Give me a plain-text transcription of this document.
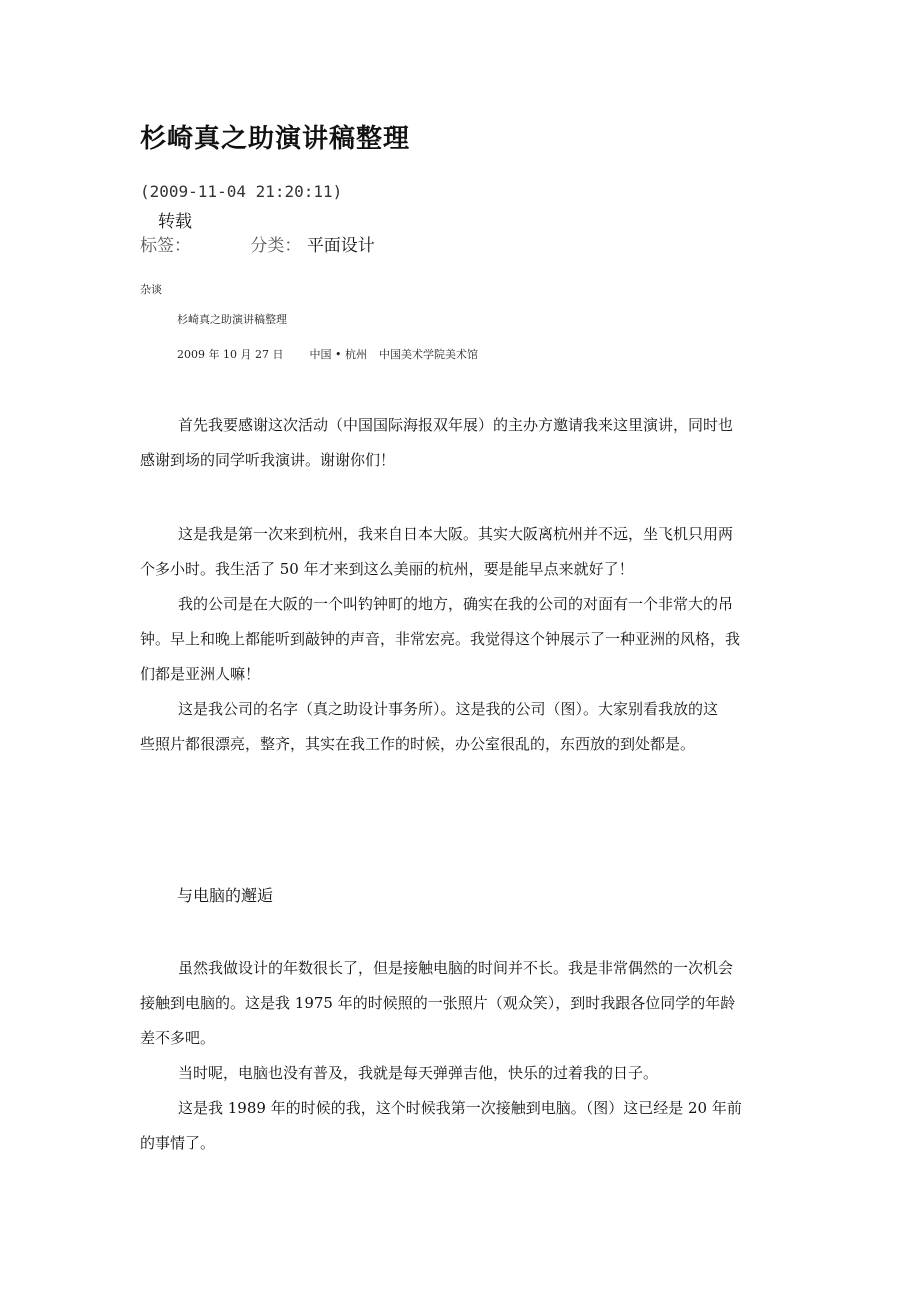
杉崎真之助演讲稿整理
(2009-11-04 21:20:11)
转载
标签：	分类： 平面设计
杂谈
杉崎真之助演讲稿整理
2009 年 10 月 27 日 中国 • 杭州 中国美术学院美术馆
首先我要感谢这次活动（中国国际海报双年展）的主办方邀请我来这里演讲，同时也
感谢到场的同学听我演讲。谢谢你们！
这是我是第一次来到杭州，我来自日本大阪。其实大阪离杭州并不远，坐飞机只用两
个多小时。我生活了 50 年才来到这么美丽的杭州，要是能早点来就好了！
我的公司是在大阪的一个叫钓钟町的地方，确实在我的公司的对面有一个非常大的吊
钟。早上和晚上都能听到敲钟的声音，非常宏亮。我觉得这个钟展示了一种亚洲的风格，我
们都是亚洲人嘛！
这是我公司的名字（真之助设计事务所）。这是我的公司（图）。大家别看我放的这
些照片都很漂亮，整齐，其实在我工作的时候，办公室很乱的，东西放的到处都是。
与电脑的邂逅
虽然我做设计的年数很长了，但是接触电脑的时间并不长。我是非常偶然的一次机会
接触到电脑的。这是我 1975 年的时候照的一张照片（观众笑），到时我跟各位同学的年龄
差不多吧。
当时呢，电脑也没有普及，我就是每天弹弹吉他，快乐的过着我的日子。
这是我 1989 年的时候的我，这个时候我第一次接触到电脑。（图）这已经是 20 年前
的事情了。
